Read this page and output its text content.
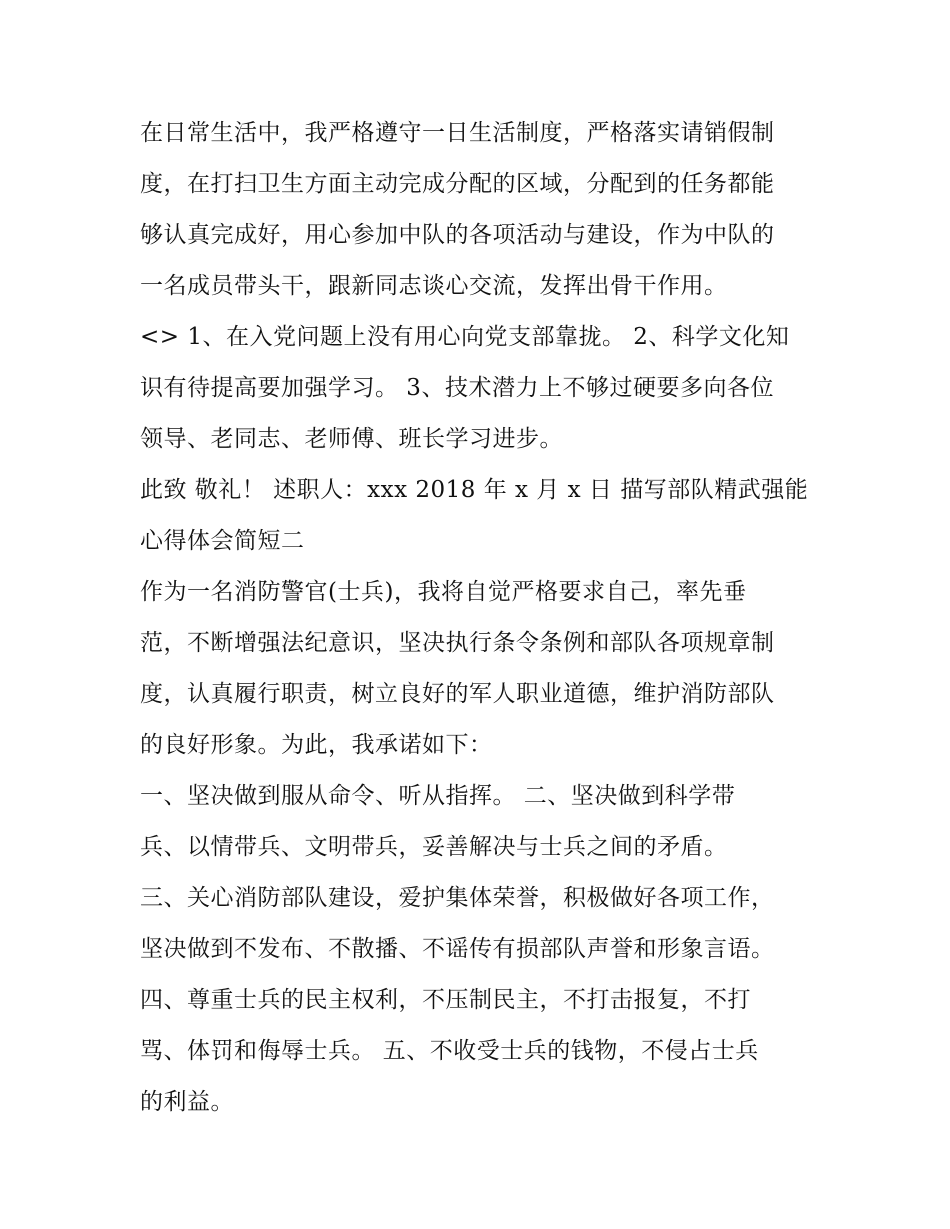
在日常生活中，我严格遵守一日生活制度，严格落实请销假制
度，在打扫卫生方面主动完成分配的区域，分配到的任务都能
够认真完成好，用心参加中队的各项活动与建设，作为中队的
一名成员带头干，跟新同志谈心交流，发挥出骨干作用。
<> 1、在入党问题上没有用心向党支部靠拢。 2、科学文化知
识有待提高要加强学习。 3、技术潜力上不够过硬要多向各位
领导、老同志、老师傅、班长学习进步。
此致 敬礼！ 述职人：xxx 2018 年 x 月 x 日 描写部队精武强能
心得体会简短二
作为一名消防警官(士兵)，我将自觉严格要求自己，率先垂
范，不断增强法纪意识，坚决执行条令条例和部队各项规章制
度，认真履行职责，树立良好的军人职业道德，维护消防部队
的良好形象。为此，我承诺如下：
一、坚决做到服从命令、听从指挥。 二、坚决做到科学带
兵、以情带兵、文明带兵，妥善解决与士兵之间的矛盾。
三、关心消防部队建设，爱护集体荣誉，积极做好各项工作，
坚决做到不发布、不散播、不谣传有损部队声誉和形象言语。
四、尊重士兵的民主权利，不压制民主，不打击报复，不打
骂、体罚和侮辱士兵。 五、不收受士兵的钱物，不侵占士兵
的利益。
